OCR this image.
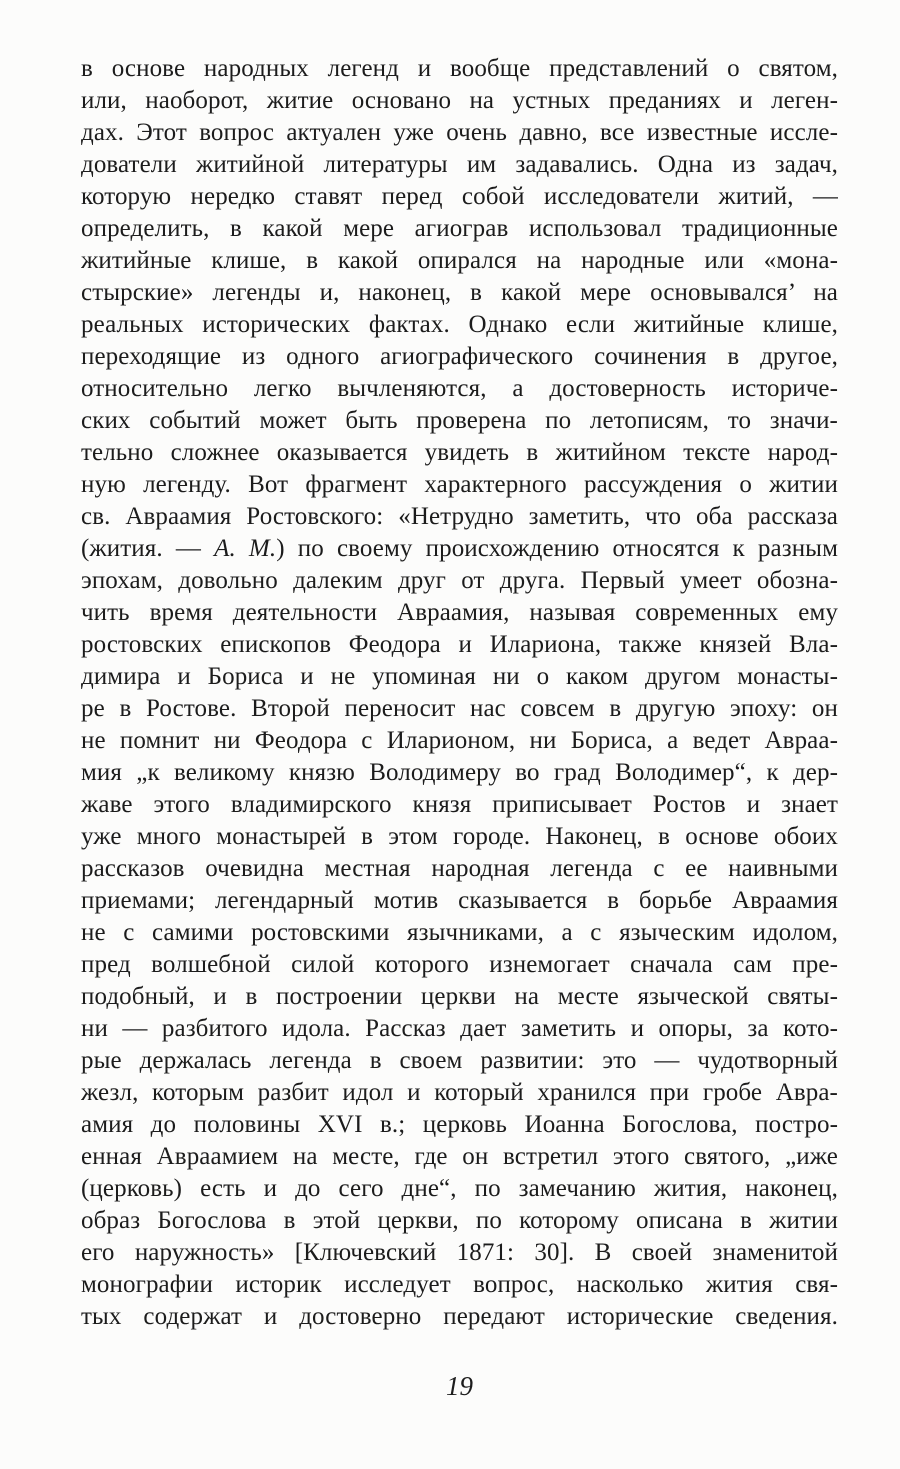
в основе народных легенд и вообще представлений о святом,
или, наоборот, житие основано на устных преданиях и леген-
дах. Этот вопрос актуален уже очень давно, все известные иссле-
дователи житийной литературы им задавались. Одна из задач,
которую нередко ставят перед собой исследователи житий, —
определить, в какой мере агиограв использовал традиционные
житийные клише, в какой опирался на народные или «мона-
стырские» легенды и, наконец, в какой мере основывался’ на
реальных исторических фактах. Однако если житийные клише,
переходящие из одного агиографического сочинения в другое,
относительно легко вычленяются, а достоверность историче-
ских событий может быть проверена по летописям, то значи-
тельно сложнее оказывается увидеть в житийном тексте народ-
ную легенду. Вот фрагмент характерного рассуждения о житии
св. Авраамия Ростовского: «Нетрудно заметить, что оба рассказа
(жития. — А. М.) по своему происхождению относятся к разным
эпохам, довольно далеким друг от друга. Первый умеет обозна-
чить время деятельности Авраамия, называя современных ему
ростовских епископов Феодора и Илариона, также князей Вла-
димира и Бориса и не упоминая ни о каком другом монасты-
ре в Ростове. Второй переносит нас совсем в другую эпоху: он
не помнит ни Феодора с Иларионом, ни Бориса, а ведет Авраа-
мия „к великому князю Володимеру во град Володимер“, к дер-
жаве этого владимирского князя приписывает Ростов и знает
уже много монастырей в этом городе. Наконец, в основе обоих
рассказов очевидна местная народная легенда с ее наивными
приемами; легендарный мотив сказывается в борьбе Авраамия
не с самими ростовскими язычниками, а с языческим идолом,
пред волшебной силой которого изнемогает сначала сам пре-
подобный, и в построении церкви на месте языческой святы-
ни — разбитого идола. Рассказ дает заметить и опоры, за кото-
рые держалась легенда в своем развитии: это — чудотворный
жезл, которым разбит идол и который хранился при гробе Авра-
амия до половины XVI в.; церковь Иоанна Богослова, постро-
енная Авраамием на месте, где он встретил этого святого, „иже
(церковь) есть и до сего дне“, по замечанию жития, наконец,
образ Богослова в этой церкви, по которому описана в житии
его наружность» [Ключевский 1871: 30]. В своей знаменитой
монографии историк исследует вопрос, насколько жития свя-
тых содержат и достоверно передают исторические сведения.
19
